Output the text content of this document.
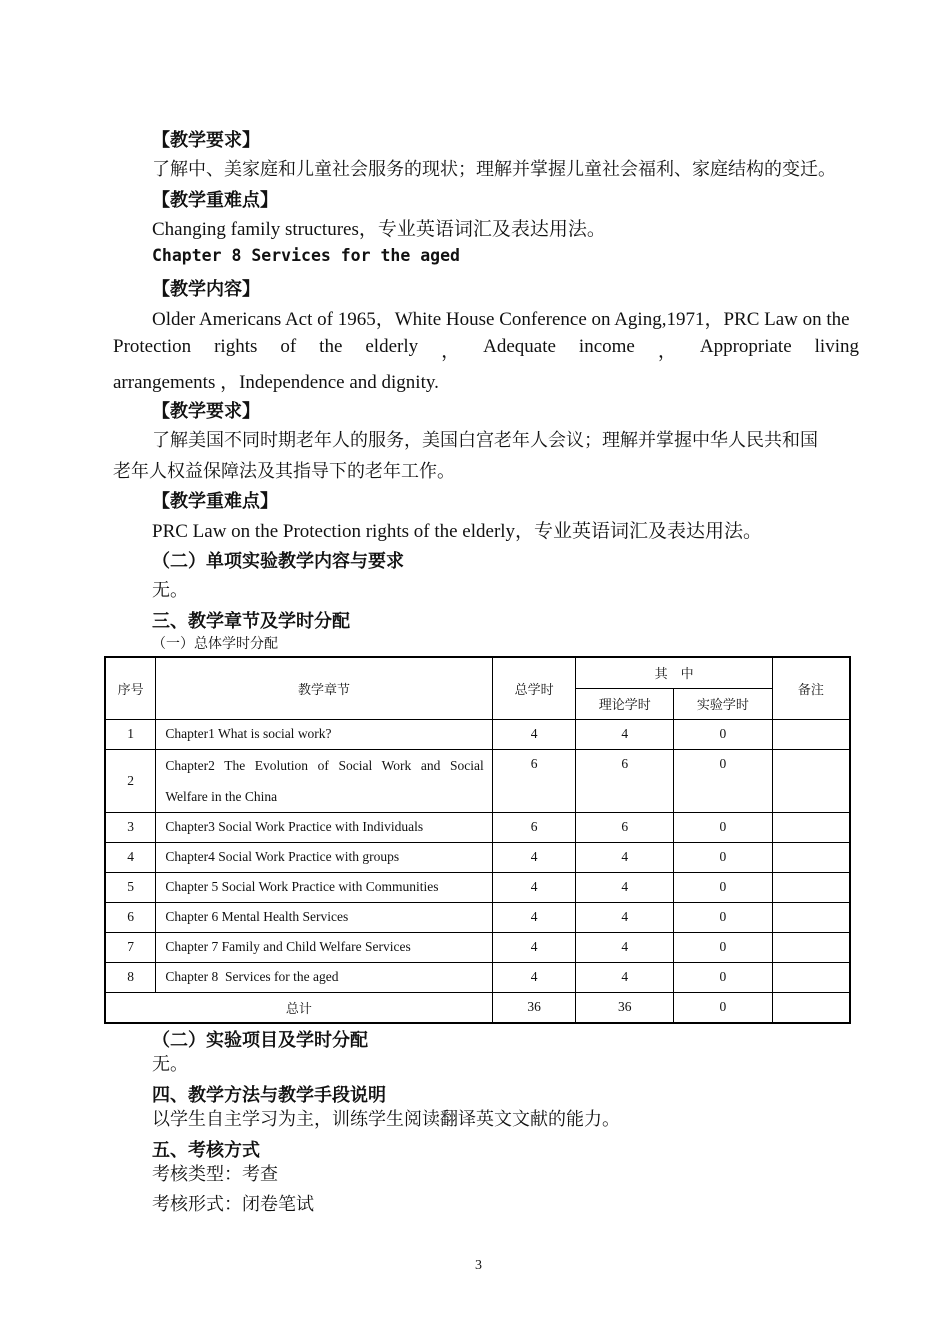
【教学要求】
了解中、美家庭和儿童社会服务的现状；理解并掌握儿童社会福利、家庭结构的变迁。
【教学重难点】
Changing family structures，专业英语词汇及表达用法。
Chapter 8 Services for the aged
【教学内容】
Older Americans Act of 1965，White House Conference on Aging,1971，PRC Law on the
Protection rights of the elderly ， Adequate income ， Appropriate living
arrangements ，Independence and dignity.
【教学要求】
了解美国不同时期老年人的服务，美国白宫老年人会议；理解并掌握中华人民共和国
老年人权益保障法及其指导下的老年工作。
【教学重难点】
PRC Law on the Protection rights of the elderly，专业英语词汇及表达用法。
（二）单项实验教学内容与要求
无。
三、教学章节及学时分配
（一）总体学时分配
序号	教学章节	总学时	其　中		备注
			理论学时	实验学时	
1	Chapter1 What is social work?	4	4	0	
2	Chapter2 The Evolution of Social Work and Social Welfare in the China	6	6	0	
3	Chapter3 Social Work Practice with Individuals	6	6	0	
4	Chapter4 Social Work Practice with groups	4	4	0	
5	Chapter 5 Social Work Practice with Communities	4	4	0	
6	Chapter 6 Mental Health Services	4	4	0	
7	Chapter 7 Family and Child Welfare Services	4	4	0	
8	Chapter 8  Services for the aged	4	4	0	
总计		36	36	0	
（二）实验项目及学时分配
无。
四、教学方法与教学手段说明
以学生自主学习为主，训练学生阅读翻译英文文献的能力。
五、考核方式
考核类型：考查
考核形式：闭卷笔试
3
